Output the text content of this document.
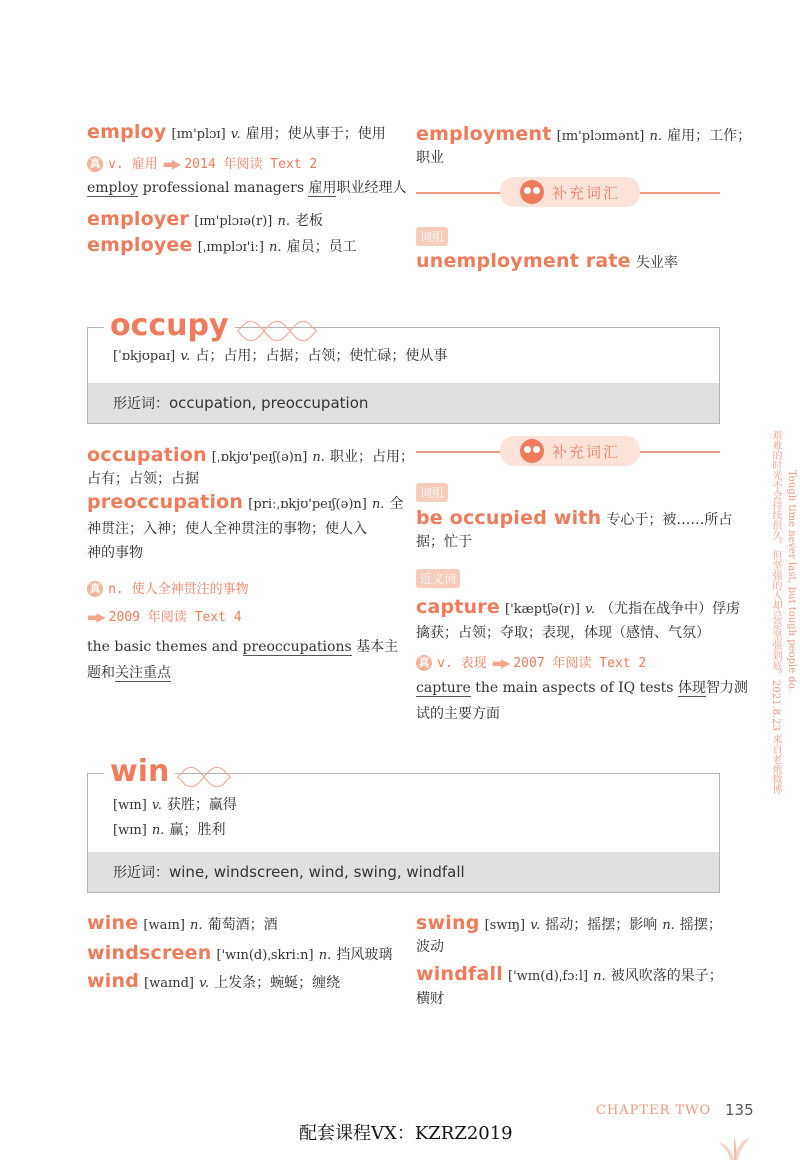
employ [ɪm'plɔɪ] v. 雇用；使从事于；使用
真 v. 雇用 ▬▶ 2014 年阅读 Text 2
employ professional managers 雇用职业经理人
employer [ɪm'plɔɪə(r)] n. 老板
employee [ˌɪmplɔɪ'iː] n. 雇员；员工
employment [ɪm'plɔɪmənt] n. 雇用；工作；
职业
补充词汇
词组
unemployment rate 失业率
[ˈɒkjʊpaɪ] v. 占；占用；占据；占领；使忙碌；使从事
形近词：occupation, preoccupation
occupy
occupation [ˌɒkjʊ'peɪʃ(ə)n] n. 职业；占用；
占有；占领；占据
preoccupation [priːˌɒkjʊ'peɪʃ(ə)n] n. 全
神贯注；入神；使人全神贯注的事物；使人入
神的事物
真 n. 使人全神贯注的事物
▬▶ 2009 年阅读 Text 4
the basic themes and preoccupations 基本主
题和关注重点
补充词汇
词组
be occupied with 专心于；被……所占
据；忙于
近义词
capture ['kæptʃə(r)] v. （尤指在战争中）俘虏
擒获；占领；夺取；表现，体现（感情、气氛）
真 v. 表现 ▬▶ 2007 年阅读 Text 2
capture the main aspects of IQ tests 体现智力测
试的主要方面
[wɪn] v. 获胜；赢得
[wɪn] n. 赢；胜利
形近词：wine, windscreen, wind, swing, windfall
win
wine [waɪn] n. 葡萄酒；酒
windscreen ['wɪn(d)ˌskriːn] n. 挡风玻璃
wind [waɪnd] v. 上发条；蜿蜒；缠绕
swing [swɪŋ] v. 摇动；摇摆；影响 n. 摇摆；
波动
windfall ['wɪn(d)ˌfɔːl] n. 被风吹落的果子；
横财
艰难的时光不会持续很久，但坚强的人却总是坚强到底。2021.8.23 来自老炮微博 Tough time never last, but tough people do.
CHAPTER TWO 135
配套课程VX：KZRZ2019
